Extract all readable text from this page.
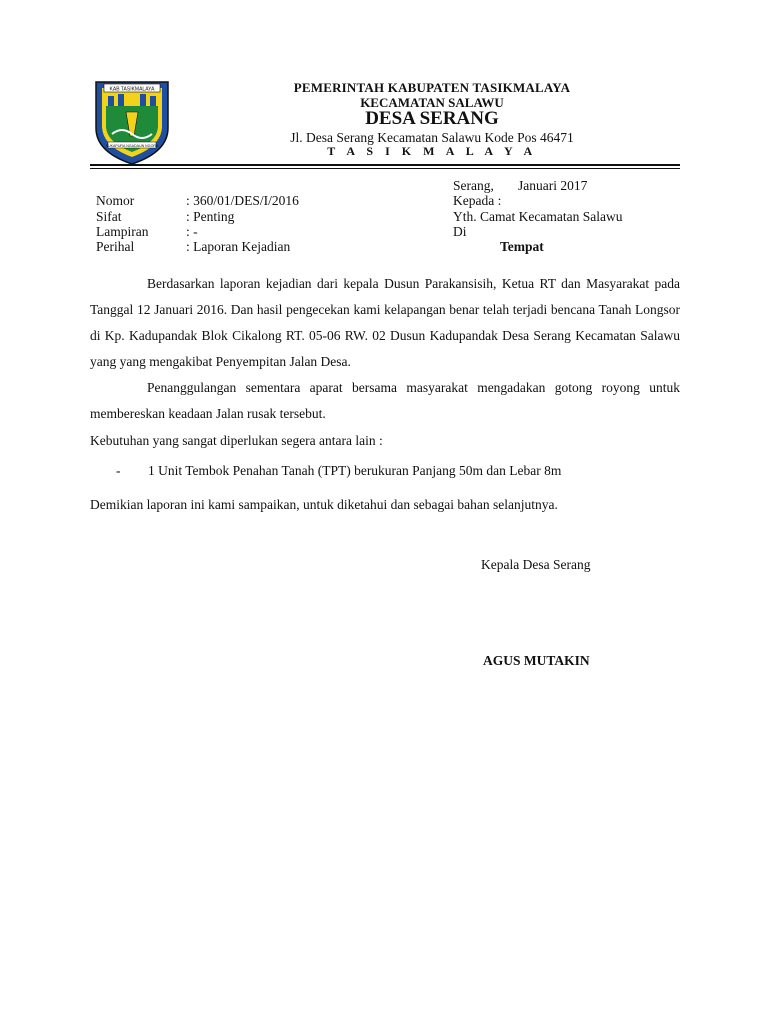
KAB TASIKMALAYA
SUKAPURA NGADAUN NGORA
PEMERINTAH KABUPATEN TASIKMALAYA
KECAMATAN SALAWU
DESA SERANG
Jl. Desa Serang Kecamatan Salawu Kode Pos 46471
T A S I K M A L A Y A
Serang, Januari 2017
Nomor	: 360/01/DES/I/2016
Sifat	: Penting
Lampiran	: -
Perihal	: Laporan Kejadian
Kepada :
Yth. Camat Kecamatan Salawu
Di
Tempat
Berdasarkan laporan kejadian dari kepala Dusun Parakansisih, Ketua RT dan Masyarakat pada Tanggal 12 Januari 2016. Dan hasil pengecekan kami kelapangan benar telah terjadi bencana Tanah Longsor di Kp. Kadupandak Blok Cikalong RT. 05-06 RW. 02 Dusun Kadupandak Desa Serang Kecamatan Salawu yang yang mengakibat Penyempitan Jalan Desa.
Penanggulangan sementara aparat bersama masyarakat mengadakan gotong royong untuk membereskan keadaan Jalan rusak tersebut.
Kebutuhan yang sangat diperlukan segera antara lain :
- 1 Unit Tembok Penahan Tanah (TPT) berukuran Panjang 50m dan Lebar 8m
Demikian laporan ini kami sampaikan, untuk diketahui dan sebagai bahan selanjutnya.
Kepala Desa Serang
AGUS MUTAKIN
